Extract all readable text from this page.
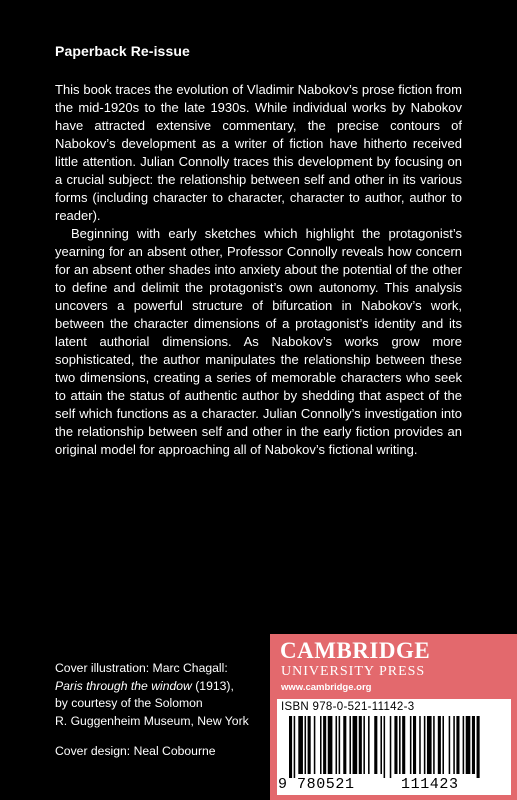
Paperback Re-issue

This book traces the evolution of Vladimir Nabokov’s prose fiction from the mid-1920s to the late 1930s. While individual works by Nabokov have attracted extensive commentary, the precise contours of Nabokov’s development as a writer of fiction have hitherto received little attention. Julian Connolly traces this development by focusing on a crucial subject: the relationship between self and other in its various forms (including character to character, character to author, author to reader).

Beginning with early sketches which highlight the protagonist’s yearning for an absent other, Professor Connolly reveals how concern for an absent other shades into anxiety about the potential of the other to define and delimit the protagonist’s own autonomy. This analysis uncovers a powerful structure of bifurcation in Nabokov’s work, between the character dimensions of a protagonist’s identity and its latent authorial dimensions. As Nabokov’s works grow more sophisticated, the author manipulates the relationship between these two dimensions, creating a series of memorable characters who seek to attain the status of authentic author by shedding that aspect of the self which functions as a character. Julian Connolly’s investigation into the relationship between self and other in the early fiction provides an original model for approaching all of Nabokov’s fictional writing.

Cover illustration: Marc Chagall:
Paris through the window (1913),
by courtesy of the Solomon
R. Guggenheim Museum, New York
Cover design: Neal Cobourne
CAMBRIDGE
UNIVERSITY PRESS
www.cambridge.org
ISBN 978-0-521-11142-3
9 780521	111423
